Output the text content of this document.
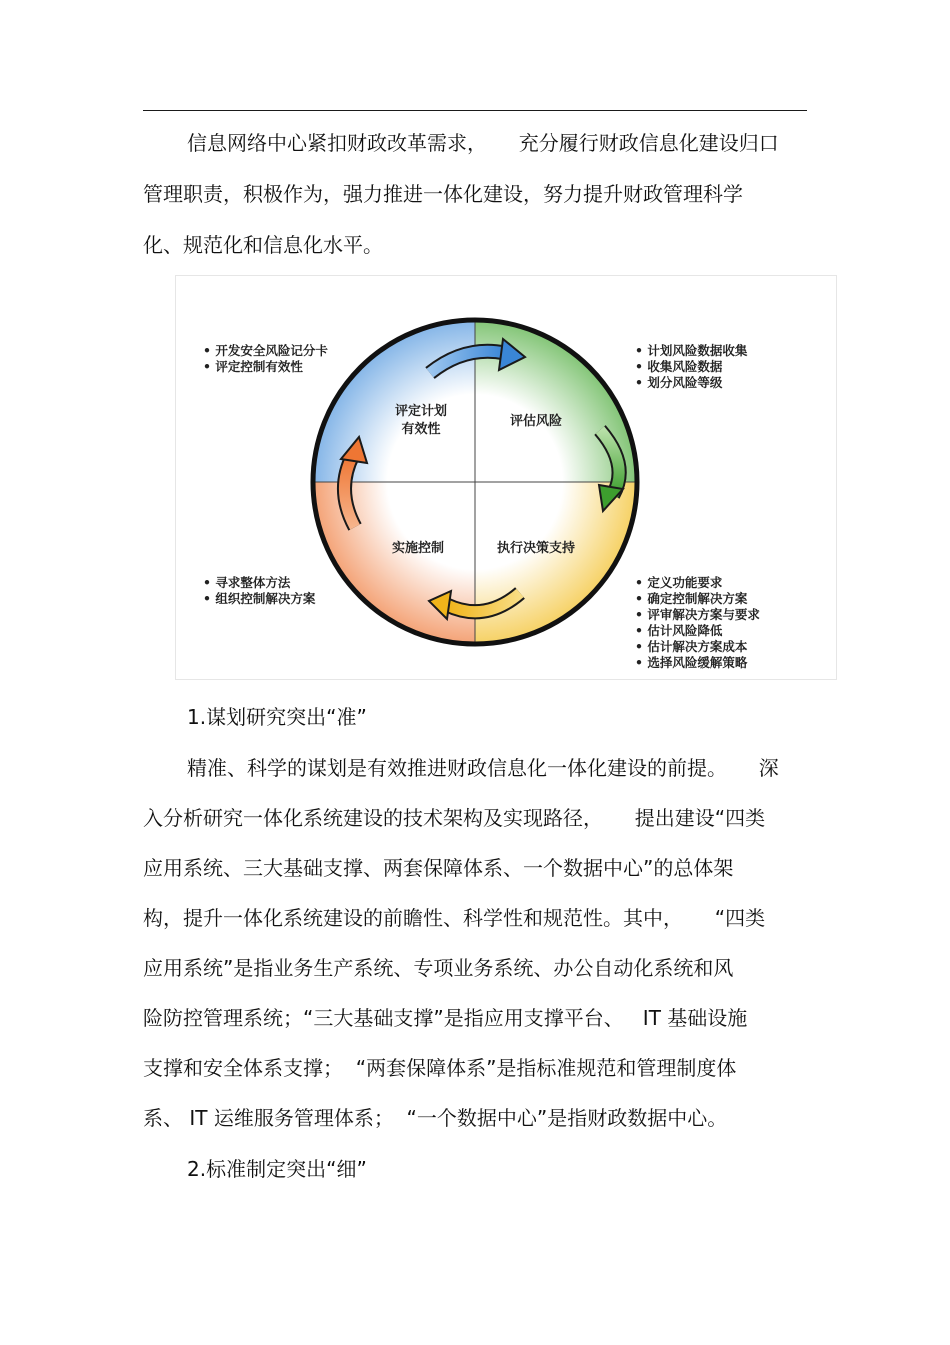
信息网络中心紧扣财政改革需求，     充分履行财政信息化建设归口
管理职责，积极作为，强力推进一体化建设，努力提升财政管理科学
化、规范化和信息化水平。
评定计划
有效性
评估风险
实施控制	执行决策支持
• 开发安全风险记分卡
• 评定控制有效性
• 计划风险数据收集
• 收集风险数据
• 划分风险等级
• 寻求整体方法
• 组织控制解决方案
• 定义功能要求
• 确定控制解决方案
• 评审解决方案与要求
• 估计风险降低
• 估计解决方案成本
• 选择风险缓解策略
1.谋划研究突出“准”
精准、科学的谋划是有效推进财政信息化一体化建设的前提。     深
入分析研究一体化系统建设的技术架构及实现路径，     提出建设“四类
应用系统、三大基础支撑、两套保障体系、一个数据中心”的总体架
构，提升一体化系统建设的前瞻性、科学性和规范性。其中，     “四类
应用系统”是指业务生产系统、专项业务系统、办公自动化系统和风
险防控管理系统；“三大基础支撑”是指应用支撑平台、   IT 基础设施
支撑和安全体系支撑；  “两套保障体系”是指标准规范和管理制度体
系、 IT 运维服务管理体系；  “一个数据中心”是指财政数据中心。
2.标准制定突出“细”
